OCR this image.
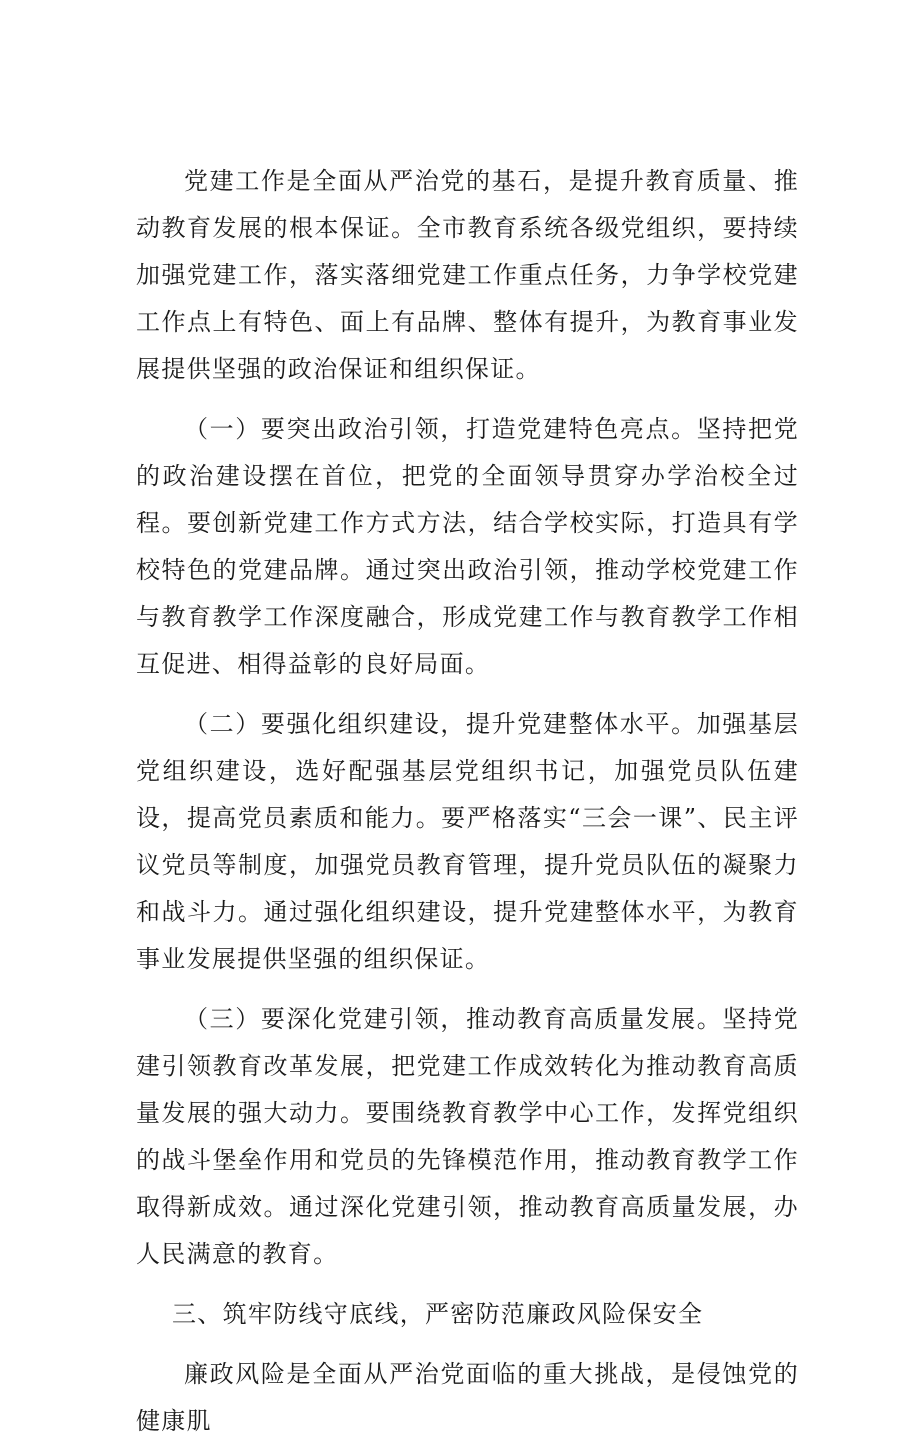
党建工作是全面从严治党的基石，是提升教育质量、推动教育发展的根本保证。全市教育系统各级党组织，要持续加强党建工作，落实落细党建工作重点任务，力争学校党建工作点上有特色、面上有品牌、整体有提升，为教育事业发展提供坚强的政治保证和组织保证。

（一）要突出政治引领，打造党建特色亮点。坚持把党的政治建设摆在首位，把党的全面领导贯穿办学治校全过程。要创新党建工作方式方法，结合学校实际，打造具有学校特色的党建品牌。通过突出政治引领，推动学校党建工作与教育教学工作深度融合，形成党建工作与教育教学工作相互促进、相得益彰的良好局面。

（二）要强化组织建设，提升党建整体水平。加强基层党组织建设，选好配强基层党组织书记，加强党员队伍建设，提高党员素质和能力。要严格落实“三会一课”、民主评议党员等制度，加强党员教育管理，提升党员队伍的凝聚力和战斗力。通过强化组织建设，提升党建整体水平，为教育事业发展提供坚强的组织保证。

（三）要深化党建引领，推动教育高质量发展。坚持党建引领教育改革发展，把党建工作成效转化为推动教育高质量发展的强大动力。要围绕教育教学中心工作，发挥党组织的战斗堡垒作用和党员的先锋模范作用，推动教育教学工作取得新成效。通过深化党建引领，推动教育高质量发展，办人民满意的教育。

三、筑牢防线守底线，严密防范廉政风险保安全

廉政风险是全面从严治党面临的重大挑战，是侵蚀党的健康肌
